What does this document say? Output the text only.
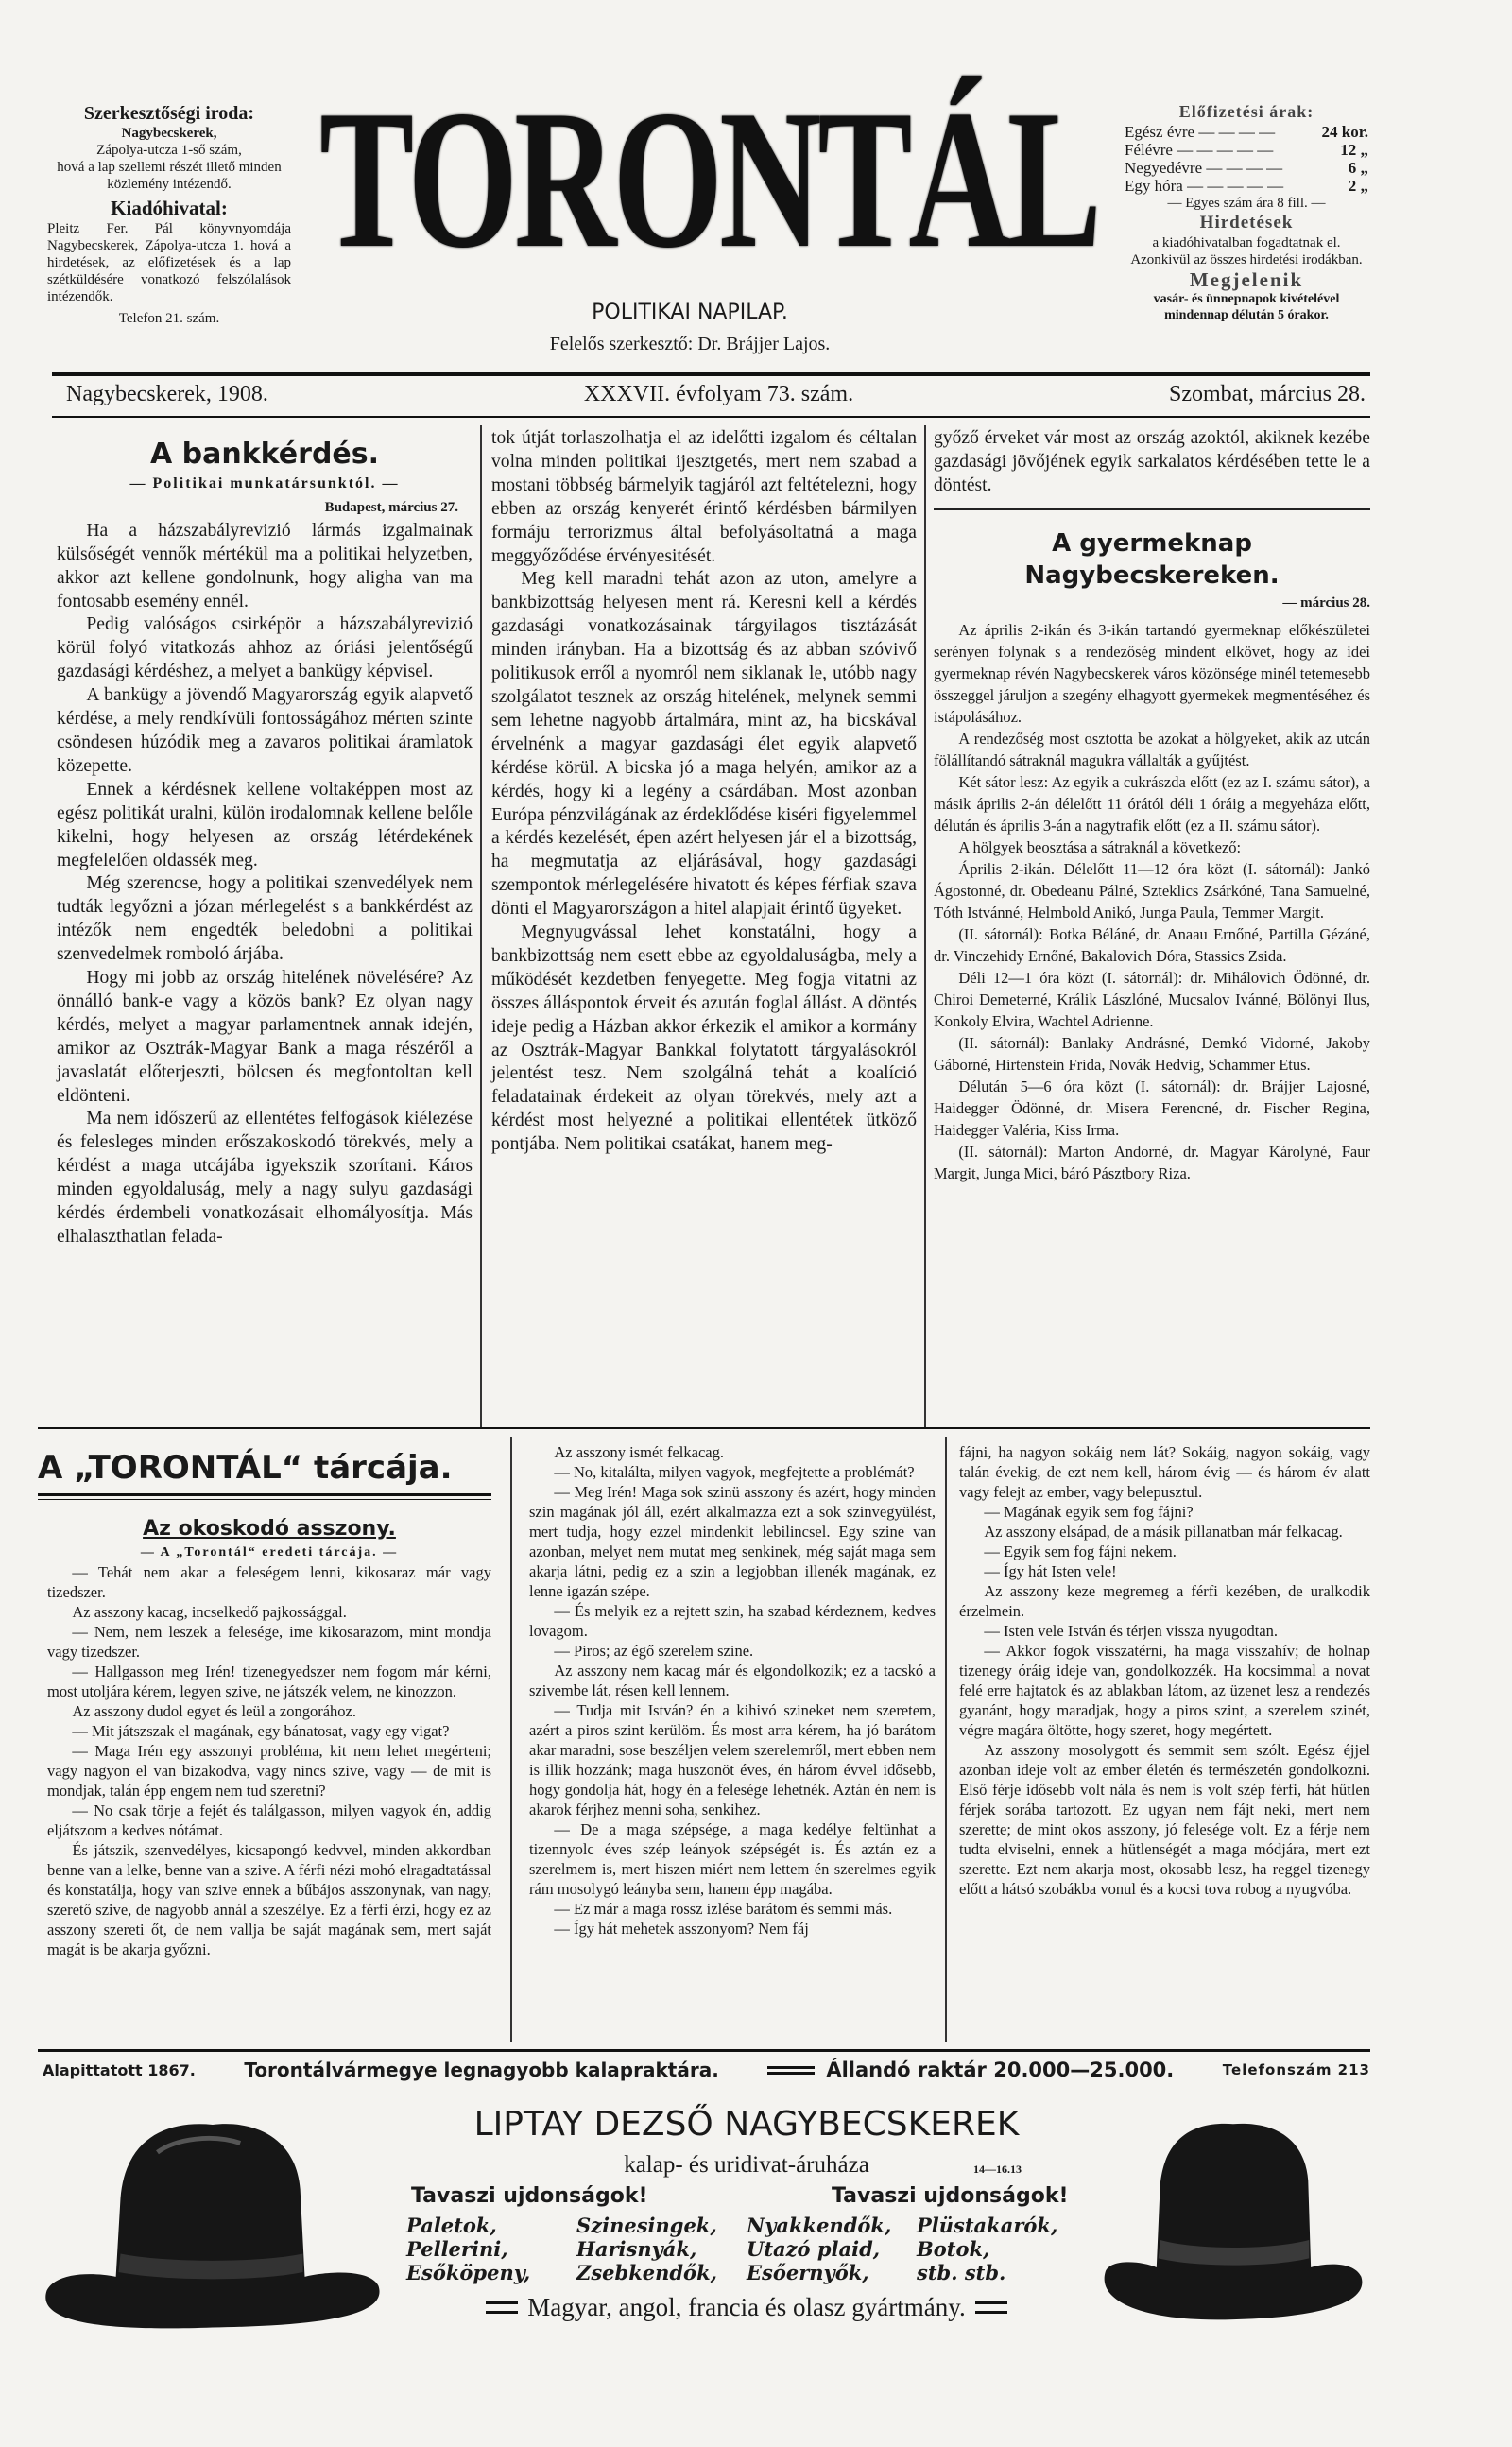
Szerkesztőségi iroda:
Nagybecskerek,
Zápolya-utcza 1-ső szám,
hová a lap szellemi részét illető minden közlemény intézendő.
Kiadóhivatal:
Pleitz Fer. Pál könyvnyomdája Nagybecskerek, Zápolya-utcza 1. hová a hirdetések, az előfizetések és a lap szétküldésére vonatkozó felszólalások intézendők.
Telefon 21. szám.
TORONTÁL
POLITIKAI NAPILAP.
Felelős szerkesztő: Dr. Brájjer Lajos.
Előfizetési árak:
Egész évre — — — —	24 kor.
Félévre — — — — —	12 „
Negyedévre — — — —	6 „
Egy hóra — — — — —	2 „
— Egyes szám ára 8 fill. —
Hirdetések
a kiadóhivatalban fogadtatnak el. Azonkivül az összes hirdetési irodákban.
Megjelenik
vasár- és ünnepnapok kivételével mindennap délután 5 órakor.
Nagybecskerek, 1908.	XXXVII. évfolyam 73. szám.	Szombat, március 28.
A bankkérdés.
— Politikai munkatársunktól. —
Budapest, március 27.

Ha a házszabályrevizió lármás izgalmainak külsőségét vennők mértékül ma a politikai helyzetben, akkor azt kellene gondolnunk, hogy aligha van ma fontosabb esemény ennél.

Pedig valóságos csirképör a házszabályrevizió körül folyó vitatkozás ahhoz az óriási jelentőségű gazdasági kérdéshez, a melyet a bankügy képvisel.

A bankügy a jövendő Magyarország egyik alapvető kérdése, a mely rendkívüli fontosságához mérten szinte csöndesen húzódik meg a zavaros politikai áramlatok közepette.

Ennek a kérdésnek kellene voltaképpen most az egész politikát uralni, külön irodalomnak kellene belőle kikelni, hogy helyesen az ország létérdekének megfelelően oldassék meg.

Még szerencse, hogy a politikai szenvedélyek nem tudták legyőzni a józan mérlegelést s a bankkérdést az intézők nem engedték beledobni a politikai szenvedelmek romboló árjába.

Hogy mi jobb az ország hitelének növelésére? Az önnálló bank-e vagy a közös bank? Ez olyan nagy kérdés, melyet a magyar parlamentnek annak idején, amikor az Osztrák-Magyar Bank a maga részéről a javaslatát előterjeszti, bölcsen és megfontoltan kell eldönteni.

Ma nem időszerű az ellentétes felfogások kiélezése és felesleges minden erőszakoskodó törekvés, mely a kérdést a maga utcájába igyekszik szorítani. Káros minden egyoldaluság, mely a nagy sulyu gazdasági kérdés érdembeli vonatkozásait elhomályosítja. Más elhalaszthatlan felada-

tok útját torlaszolhatja el az idelőtti izgalom és céltalan volna minden politikai ijesztgetés, mert nem szabad a mostani többség bármelyik tagjáról azt feltételezni, hogy ebben az ország kenyerét érintő kérdésben bármilyen formáju terrorizmus által befolyásoltatná a maga meggyőződése érvényesitését.

Meg kell maradni tehát azon az uton, amelyre a bankbizottság helyesen ment rá. Keresni kell a kérdés gazdasági vonatkozásainak tárgyilagos tisztázását minden irányban. Ha a bizottság és az abban szóvivő politikusok erről a nyomról nem siklanak le, utóbb nagy szolgálatot tesznek az ország hitelének, melynek semmi sem lehetne nagyobb ártalmára, mint az, ha bicskával érvelnénk a magyar gazdasági élet egyik alapvető kérdése körül. A bicska jó a maga helyén, amikor az a kérdés, hogy ki a legény a csárdában. Most azonban Európa pénzvilágának az érdeklődése kiséri figyelemmel a kérdés kezelését, épen azért helyesen jár el a bizottság, ha megmutatja az eljárásával, hogy gazdasági szempontok mérlegelésére hivatott és képes férfiak szava dönti el Magyarországon a hitel alapjait érintő ügyeket.

Megnyugvással lehet konstatálni, hogy a bankbizottság nem esett ebbe az egyoldaluságba, mely a működését kezdetben fenyegette. Meg fogja vitatni az összes álláspontok érveit és azután foglal állást. A döntés ideje pedig a Házban akkor érkezik el amikor a kormány az Osztrák-Magyar Bankkal folytatott tárgyalásokról jelentést tesz. Nem szolgálná tehát a koalíció feladatainak érdekeit az olyan törekvés, mely azt a kérdést most helyezné a politikai ellentétek ütköző pontjába. Nem politikai csatákat, hanem meg-

győző érveket vár most az ország azoktól, akiknek kezébe gazdasági jövőjének egyik sarkalatos kérdésében tette le a döntést.

A gyermeknap Nagybecskereken.
— március 28.

Az április 2-ikán és 3-ikán tartandó gyermeknap előkészületei serényen folynak s a rendezőség mindent elkövet, hogy az idei gyermeknap révén Nagybecskerek város közönsége minél tetemesebb összeggel járuljon a szegény elhagyott gyermekek megmentéséhez és istápolásához.

A rendezőség most osztotta be azokat a hölgyeket, akik az utcán fölállítandó sátraknál magukra vállalták a gyűjtést.

Két sátor lesz: Az egyik a cukrászda előtt (ez az I. számu sátor), a másik április 2-án délelőtt 11 órától déli 1 óráig a megyeháza előtt, délután és április 3-án a nagytrafik előtt (ez a II. számu sátor).

A hölgyek beosztása a sátraknál a következő:

Április 2-ikán. Délelőtt 11—12 óra közt (I. sátornál): Jankó Ágostonné, dr. Obedeanu Pálné, Szteklics Zsárkóné, Tana Samuelné, Tóth Istvánné, Helmbold Anikó, Junga Paula, Temmer Margit.

(II. sátornál): Botka Béláné, dr. Anaau Ernőné, Partilla Gézáné, dr. Vinczehidy Ernőné, Bakalovich Dóra, Stassics Zsida.

Déli 12—1 óra közt (I. sátornál): dr. Mihálovich Ödönné, dr. Chiroi Demeterné, Králik Lászlóné, Mucsalov Ivánné, Bölönyi Ilus, Konkoly Elvira, Wachtel Adrienne.

(II. sátornál): Banlaky Andrásné, Demkó Vidorné, Jakoby Gáborné, Hirtenstein Frida, Novák Hedvig, Schammer Etus.

Délután 5—6 óra közt (I. sátornál): dr. Brájjer Lajosné, Haidegger Ödönné, dr. Misera Ferencné, dr. Fischer Regina, Haidegger Valéria, Kiss Irma.

(II. sátornál): Marton Andorné, dr. Magyar Károlyné, Faur Margit, Junga Mici, báró Pásztbory Riza.

A „TORONTÁL“ tárcája.
Az okoskodó asszony.
— A „Torontál“ eredeti tárcája. —

— Tehát nem akar a feleségem lenni, kikosaraz már vagy tizedszer.

Az asszony kacag, incselkedő pajkossággal.

— Nem, nem leszek a felesége, ime kikosarazom, mint mondja vagy tizedszer.

— Hallgasson meg Irén! tizenegyedszer nem fogom már kérni, most utoljára kérem, legyen szive, ne játszék velem, ne kinozzon.

Az asszony dudol egyet és leül a zongorához.

— Mit játszszak el magának, egy bánatosat, vagy egy vigat?

— Maga Irén egy asszonyi probléma, kit nem lehet megérteni; vagy nagyon el van bizakodva, vagy nincs szive, vagy — de mit is mondjak, talán épp engem nem tud szeretni?

— No csak törje a fejét és találgasson, milyen vagyok én, addig eljátszom a kedves nótámat.

És játszik, szenvedélyes, kicsapongó kedvvel, minden akkordban benne van a lelke, benne van a szive. A férfi nézi mohó elragadtatással és konstatálja, hogy van szive ennek a bűbájos asszonynak, van nagy, szerető szive, de nagyobb annál a szeszélye. Ez a férfi érzi, hogy ez az asszony szereti őt, de nem vallja be saját magának sem, mert saját magát is be akarja győzni.

Az asszony ismét felkacag.

— No, kitalálta, milyen vagyok, megfejtette a problémát?

— Meg Irén! Maga sok szinü asszony és azért, hogy minden szin magának jól áll, ezért alkalmazza ezt a sok szinvegyülést, mert tudja, hogy ezzel mindenkit lebilincsel. Egy szine van azonban, melyet nem mutat meg senkinek, még saját maga sem akarja látni, pedig ez a szin a legjobban illenék magának, ez lenne igazán szépe.

— És melyik ez a rejtett szin, ha szabad kérdeznem, kedves lovagom.

— Piros; az égő szerelem szine.

Az asszony nem kacag már és elgondolkozik; ez a tacskó a szivembe lát, résen kell lennem.

— Tudja mit István? én a kihivó szineket nem szeretem, azért a piros szint kerülöm. És most arra kérem, ha jó barátom akar maradni, sose beszéljen velem szerelemről, mert ebben nem is illik hozzánk; maga huszonöt éves, én három évvel idősebb, hogy gondolja hát, hogy én a felesége lehetnék. Aztán én nem is akarok férjhez menni soha, senkihez.

— De a maga szépsége, a maga kedélye feltünhat a tizennyolc éves szép leányok szépségét is. És aztán ez a szerelmem is, mert hiszen miért nem lettem én szerelmes egyik rám mosolygó leányba sem, hanem épp magába.

— Ez már a maga rossz izlése barátom és semmi más.

— Így hát mehetek asszonyom? Nem fáj

fájni, ha nagyon sokáig nem lát? Sokáig, nagyon sokáig, vagy talán évekig, de ezt nem kell, három évig — és három év alatt vagy felejt az ember, vagy belepusztul.

— Magának egyik sem fog fájni?

Az asszony elsápad, de a másik pillanatban már felkacag.

— Egyik sem fog fájni nekem.

— Így hát Isten vele!

Az asszony keze megremeg a férfi kezében, de uralkodik érzelmein.

— Isten vele István és térjen vissza nyugodtan.

— Akkor fogok visszatérni, ha maga visszahív; de holnap tizenegy óráig ideje van, gondolkozzék. Ha kocsimmal a novat felé erre hajtatok és az ablakban látom, az üzenet lesz a rendezés gyanánt, hogy maradjak, hogy a piros szint, a szerelem szinét, végre magára öltötte, hogy szeret, hogy megértett.

Az asszony mosolygott és semmit sem szólt. Egész éjjel azonban ideje volt az ember életén és természetén gondolkozni. Első férje idősebb volt nála és nem is volt szép férfi, hát hűtlen férjek sorába tartozott. Ez ugyan nem fájt neki, mert nem szerette; de mint okos asszony, jó felesége volt. Ez a férje nem tudta elviselni, ennek a hütlenségét a maga módjára, mert ezt szerette. Ezt nem akarja most, okosabb lesz, ha reggel tizenegy előtt a hátsó szobákba vonul és a kocsi tova robog a nyugvóba.

Alapittatott 1867.	Torontálvármegye legnagyobb kalapraktára.	Állandó raktár 20.000—25.000.	Telefonszám 213
LIPTAY DEZSŐ NAGYBECSKEREK
kalap- és uridivat-áruháza	14—16.13
Tavaszi ujdonságok!	Tavaszi ujdonságok!
Paletok,	Szinesingek,	Nyakkendők,	Plüstakarók,
Pellerini,	Harisnyák,	Utazó plaid,	Botok,
Esőköpeny,	Zsebkendők,	Esőernyők,	stb. stb.
Magyar, angol, francia és olasz gyártmány.
